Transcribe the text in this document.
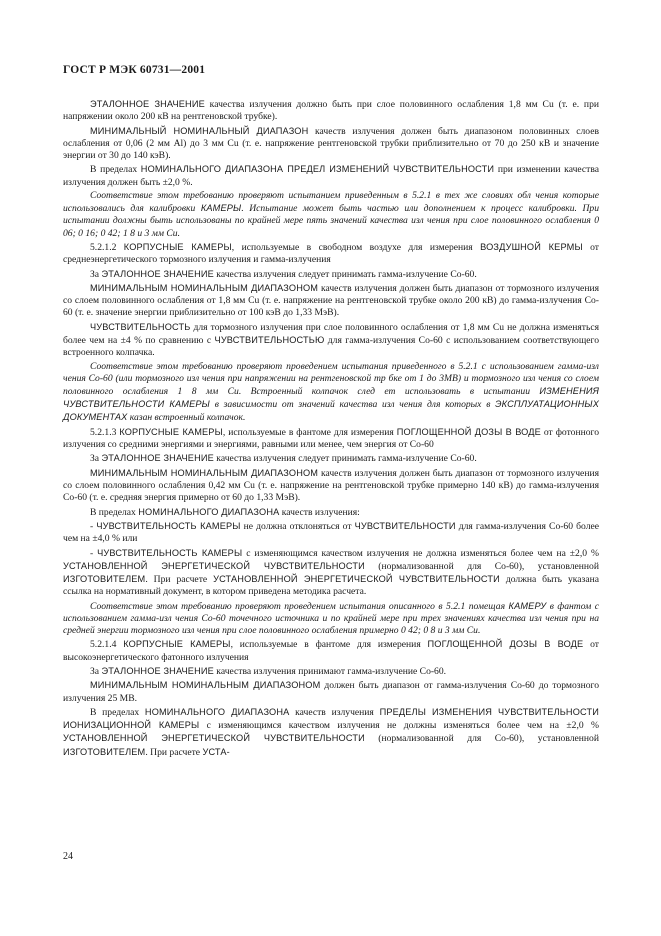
ГОСТ Р МЭК 60731—2001

ЭТАЛОННОЕ ЗНАЧЕНИЕ качества излучения должно быть при слое половинного ослабления 1,8 мм Cu (т. е. при напряжении около 200 кВ на рентгеновской трубке).

МИНИМАЛЬНЫЙ НОМИНАЛЬНЫЙ ДИАПАЗОН качеств излучения должен быть диапазоном половинных слоев ослабления от 0,06 (2 мм Al) до 3 мм Cu (т. е. напряжение рентгеновской трубки приблизительно от 70 до 250 кВ и значение энергии от 30 до 140 кэВ).

В пределах НОМИНАЛЬНОГО ДИАПАЗОНА ПРЕДЕЛ ИЗМЕНЕНИЙ ЧУВСТВИТЕЛЬНОСТИ при изменении качества излучения должен быть ±2,0 %.

Соответствие этом требованию проверяют испытанием приведенным в 5.2.1 в тех же словиях обл чения которые использовались для калибровки КАМЕРЫ. Испытание может быть частью или дополнением к процесс калибровки. При испытании должны быть использованы по крайней мере пять значений качества изл чения при слое половинного ослабления 0 06; 0 16; 0 42; 1 8 и 3 мм Cu.

5.2.1.2 КОРПУСНЫЕ КАМЕРЫ, используемые в свободном воздухе для измерения ВОЗДУШНОЙ КЕРМЫ от среднеэнергетического тормозного излучения и гамма-излучения

За ЭТАЛОННОЕ ЗНАЧЕНИЕ качества излучения следует принимать гамма-излучение Co-60.

МИНИМАЛЬНЫМ НОМИНАЛЬНЫМ ДИАПАЗОНОМ качеств излучения должен быть диапазон от тормозного излучения со слоем половинного ослабления от 1,8 мм Cu (т. е. напряжение на рентгеновской трубке около 200 кВ) до гамма-излучения Co-60 (т. е. значение энергии приблизительно от 100 кэВ до 1,33 МэВ).

ЧУВСТВИТЕЛЬНОСТЬ для тормозного излучения при слое половинного ослабления от 1,8 мм Cu не должна изменяться более чем на ±4 % по сравнению с ЧУВСТВИТЕЛЬНОСТЬЮ для гамма-излучения Co-60 с использованием соответствующего встроенного колпачка.

Соответствие этом требованию проверяют проведением испытания приведенного в 5.2.1 с использованием гамма-изл чения Co-60 (или тормозного изл чения при напряжении на рентгеновской тр бке от 1 до 3MB) и тормозного изл чения со слоем половинного ослабления 1 8 мм Cu. Встроенный колпачок след ет использовать в испытании ИЗМЕНЕНИЯ ЧУВСТВИТЕЛЬНОСТИ КАМЕРЫ в зависимости от значений качества изл чения для которых в ЭКСПЛУАТАЦИОННЫХ ДОКУМЕНТАХ казан встроенный колпачок.

5.2.1.3 КОРПУСНЫЕ КАМЕРЫ, используемые в фантоме для измерения ПОГЛОЩЕННОЙ ДОЗЫ В ВОДЕ от фотонного излучения со средними энергиями и энергиями, равными или менее, чем энергия от Co-60

За ЭТАЛОННОЕ ЗНАЧЕНИЕ качества излучения следует принимать гамма-излучение Co-60.

МИНИМАЛЬНЫМ НОМИНАЛЬНЫМ ДИАПАЗОНОМ качеств излучения должен быть диапазон от тормозного излучения со слоем половинного ослабления 0,42 мм Cu (т. е. напряжение на рентгеновской трубке примерно 140 кВ) до гамма-излучения Co-60 (т. е. средняя энергия примерно от 60 до 1,33 МэВ).

В пределах НОМИНАЛЬНОГО ДИАПАЗОНА качеств излучения:

- ЧУВСТВИТЕЛЬНОСТЬ КАМЕРЫ не должна отклоняться от ЧУВСТВИТЕЛЬНОСТИ для гамма-излучения Co-60 более чем на ±4,0 % или

- ЧУВСТВИТЕЛЬНОСТЬ КАМЕРЫ с изменяющимся качеством излучения не должна изменяться более чем на ±2,0 % УСТАНОВЛЕННОЙ ЭНЕРГЕТИЧЕСКОЙ ЧУВСТВИТЕЛЬНОСТИ (нормализованной для Co-60), установленной ИЗГОТОВИТЕЛЕМ. При расчете УСТАНОВЛЕННОЙ ЭНЕРГЕТИЧЕСКОЙ ЧУВСТВИТЕЛЬНОСТИ должна быть указана ссылка на нормативный документ, в котором приведена методика расчета.

Соответствие этом требованию проверяют проведением испытания описанного в 5.2.1 помещая КАМЕРУ в фантом с использованием гамма-изл чения Co-60 точечного источника и по крайней мере при трех значениях качества изл чения при на средней энергии тормозного изл чения при слое половинного ослабления примерно 0 42; 0 8 и 3 мм Cu.

5.2.1.4 КОРПУСНЫЕ КАМЕРЫ, используемые в фантоме для измерения ПОГЛОЩЕННОЙ ДОЗЫ В ВОДЕ от высокоэнергетического фатонного излучения

За ЭТАЛОННОЕ ЗНАЧЕНИЕ качества излучения принимают гамма-излучение Co-60.

МИНИМАЛЬНЫМ НОМИНАЛЬНЫМ ДИАПАЗОНОМ должен быть диапазон от гамма-излучения Co-60 до тормозного излучения 25 МВ.

В пределах НОМИНАЛЬНОГО ДИАПАЗОНА качеств излучения ПРЕДЕЛЫ ИЗМЕНЕНИЯ ЧУВСТВИТЕЛЬНОСТИ ИОНИЗАЦИОННОЙ КАМЕРЫ с изменяющимся качеством излучения не должны изменяться более чем на ±2,0 % УСТАНОВЛЕННОЙ ЭНЕРГЕТИЧЕСКОЙ ЧУВСТВИТЕЛЬНОСТИ (нормализованной для Co-60), установленной ИЗГОТОВИТЕЛЕМ. При расчете УСТА-

24
